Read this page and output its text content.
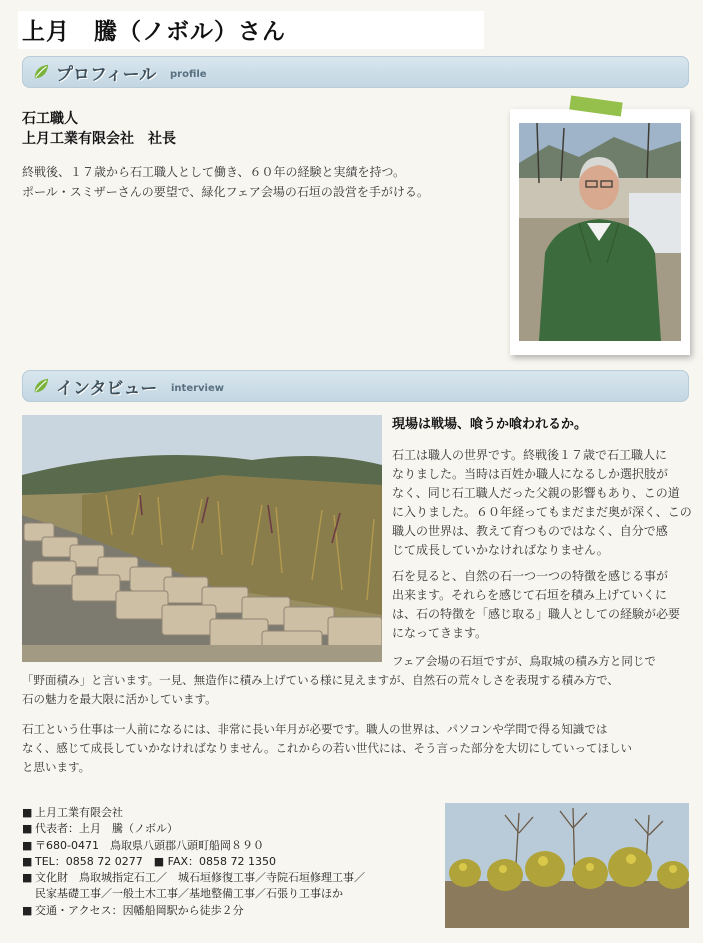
上月　騰（ノボル）さん
プロフィール profile
石工職人
上月工業有限会社　社長
終戦後、１７歳から石工職人として働き、６０年の経験と実績を持つ。
ポール・スミザーさんの要望で、緑化フェア会場の石垣の設営を手がける。
インタビュー interview
現場は戦場、喰うか喰われるか。
石工は職人の世界です。終戦後１７歳で石工職人に
なりました。当時は百姓か職人になるしか選択肢が
なく、同じ石工職人だった父親の影響もあり、この道
に入りました。６０年経ってもまだまだ奥が深く、この
職人の世界は、教えて育つものではなく、自分で感
じて成長していかなければなりません。
石を見ると、自然の石一つ一つの特徴を感じる事が
出来ます。それらを感じて石垣を積み上げていくに
は、石の特徴を「感じ取る」職人としての経験が必要
になってきます。
フェア会場の石垣ですが、鳥取城の積み方と同じで
「野面積み」と言います。一見、無造作に積み上げている様に見えますが、自然石の荒々しさを表現する積み方で、
石の魅力を最大限に活かしています。
石工という仕事は一人前になるには、非常に長い年月が必要です。職人の世界は、パソコンや学問で得る知識では
なく、感じて成長していかなければなりません。これからの若い世代には、そう言った部分を大切にしていってほしい
と思います。
■ 上月工業有限会社
■ 代表者：上月　騰（ノボル）
■ 〒680-0471　鳥取県八頭郡八頭町船岡８９０
■ TEL：0858 72 0277　■ FAX：0858 72 1350
■ 文化財　鳥取城指定石工／　城石垣修復工事／寺院石垣修理工事／
民家基礎工事／一般土木工事／基地整備工事／石張り工事ほか
■ 交通・アクセス：因幡船岡駅から徒歩２分
